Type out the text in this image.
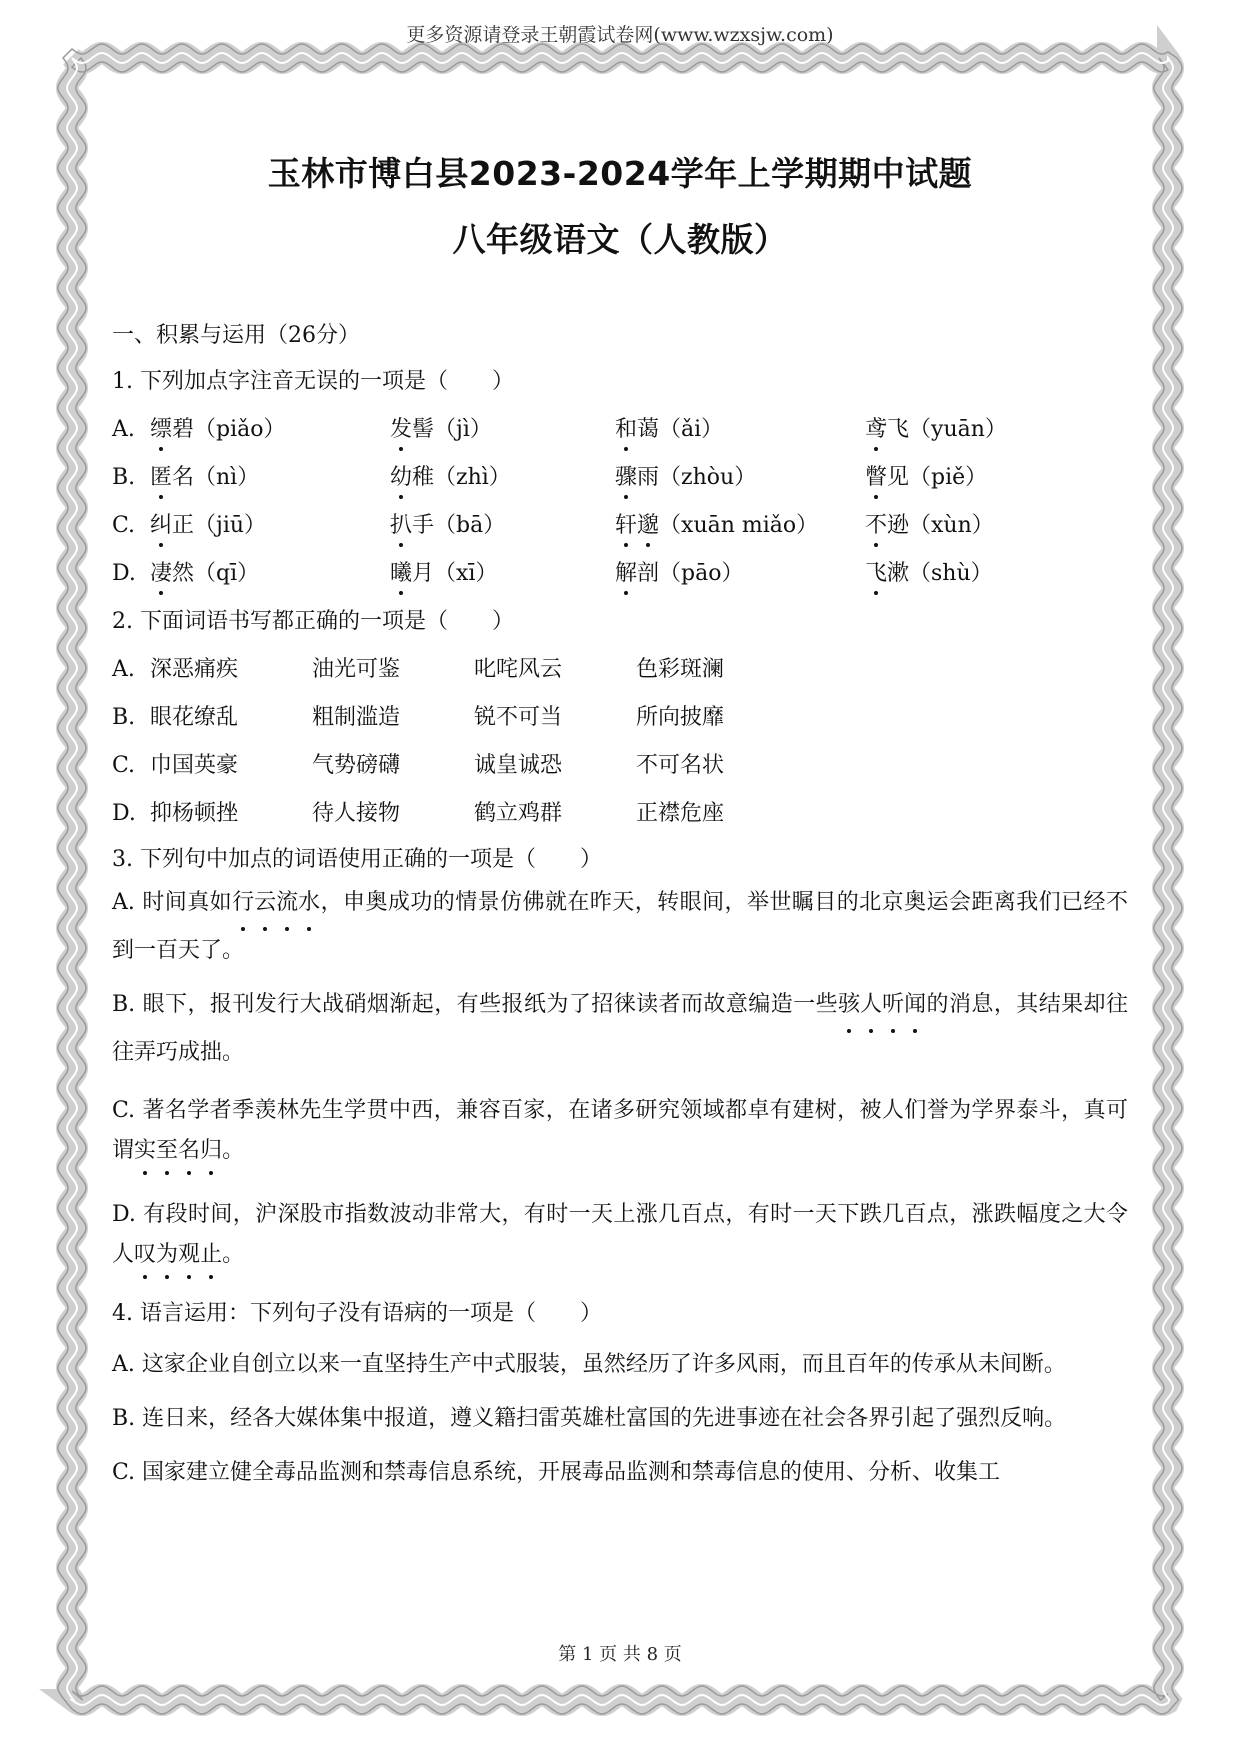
更多资源请登录王朝霞试卷网(www.wzxsjw.com)
玉林市博白县2023-2024学年上学期期中试题
八年级语文（人教版）
一、积累与运用（26分）
1. 下列加点字注音无误的一项是（　　）
A. 缥碧（piǎo）	发髻（jì）	和蔼（ǎi）	鸢飞（yuān）
B. 匿名（nì）	幼稚（zhì）	骤雨（zhòu）	瞥见（piě）
C. 纠正（jiū）	扒手（bā）	轩邈（xuān miǎo）	不逊（xùn）
D. 凄然（qī）	曦月（xī）	解剖（pāo）	飞漱（shù）
2. 下面词语书写都正确的一项是（　　）
A. 深恶痛疾	油光可鉴	叱咤风云	色彩斑澜
B. 眼花缭乱	粗制滥造	锐不可当	所向披靡
C. 巾国英豪	气势磅礴	诚皇诚恐	不可名状
D. 抑杨顿挫	待人接物	鹤立鸡群	正襟危座
3. 下列句中加点的词语使用正确的一项是（　　）
A. 时间真如行云流水，申奥成功的情景仿佛就在昨天，转眼间，举世瞩目的北京奥运会距离我们已经不到一百天了。
B. 眼下，报刊发行大战硝烟渐起，有些报纸为了招徕读者而故意编造一些骇人听闻的消息，其结果却往往弄巧成拙。
C. 著名学者季羡林先生学贯中西，兼容百家，在诸多研究领域都卓有建树，被人们誉为学界泰斗，真可谓实至名归。
D. 有段时间，沪深股市指数波动非常大，有时一天上涨几百点，有时一天下跌几百点，涨跌幅度之大令人叹为观止。
4. 语言运用：下列句子没有语病的一项是（　　）
A. 这家企业自创立以来一直坚持生产中式服装，虽然经历了许多风雨，而且百年的传承从未间断。
B. 连日来，经各大媒体集中报道，遵义籍扫雷英雄杜富国的先进事迹在社会各界引起了强烈反响。
C. 国家建立健全毒品监测和禁毒信息系统，开展毒品监测和禁毒信息的使用、分析、收集工
第 1 页 共 8 页
